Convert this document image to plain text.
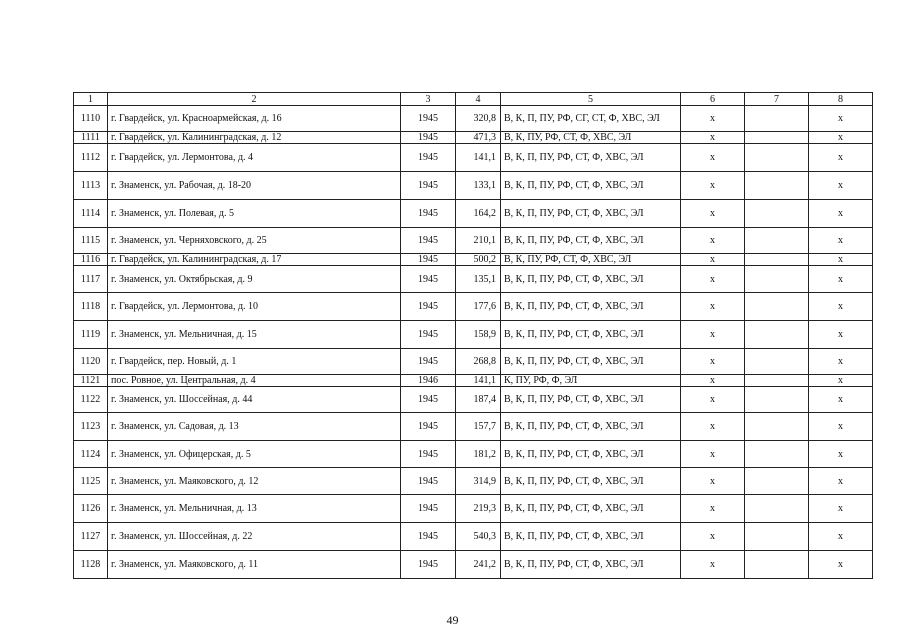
1	2	3	4	5	6	7	8
1110	г. Гвардейск, ул. Красноармейская, д. 16	1945	320,8	В, К, П, ПУ, РФ, СГ, СТ, Ф, ХВС, ЭЛ	х		х
1111	г. Гвардейск, ул. Калининградская, д. 12	1945	471,3	В, К, ПУ, РФ, СТ, Ф, ХВС, ЭЛ	х		х
1112	г. Гвардейск, ул. Лермонтова, д. 4	1945	141,1	В, К, П, ПУ, РФ, СТ, Ф, ХВС, ЭЛ	х		х
1113	г. Знаменск, ул. Рабочая, д. 18-20	1945	133,1	В, К, П, ПУ, РФ, СТ, Ф, ХВС, ЭЛ	х		х
1114	г. Знаменск, ул. Полевая, д. 5	1945	164,2	В, К, П, ПУ, РФ, СТ, Ф, ХВС, ЭЛ	х		х
1115	г. Знаменск, ул. Черняховского, д. 25	1945	210,1	В, К, П, ПУ, РФ, СТ, Ф, ХВС, ЭЛ	х		х
1116	г. Гвардейск, ул. Калининградская, д. 17	1945	500,2	В, К, ПУ, РФ, СТ, Ф, ХВС, ЭЛ	х		х
1117	г. Знаменск, ул. Октябрьская, д. 9	1945	135,1	В, К, П, ПУ, РФ, СТ, Ф, ХВС, ЭЛ	х		х
1118	г. Гвардейск, ул. Лермонтова, д. 10	1945	177,6	В, К, П, ПУ, РФ, СТ, Ф, ХВС, ЭЛ	х		х
1119	г. Знаменск, ул. Мельничная, д. 15	1945	158,9	В, К, П, ПУ, РФ, СТ, Ф, ХВС, ЭЛ	х		х
1120	г. Гвардейск, пер. Новый, д. 1	1945	268,8	В, К, П, ПУ, РФ, СТ, Ф, ХВС, ЭЛ	х		х
1121	пос. Ровное, ул. Центральная, д. 4	1946	141,1	К, ПУ, РФ, Ф, ЭЛ	х		х
1122	г. Знаменск, ул. Шоссейная, д. 44	1945	187,4	В, К, П, ПУ, РФ, СТ, Ф, ХВС, ЭЛ	х		х
1123	г. Знаменск, ул. Садовая, д. 13	1945	157,7	В, К, П, ПУ, РФ, СТ, Ф, ХВС, ЭЛ	х		х
1124	г. Знаменск, ул. Офицерская, д. 5	1945	181,2	В, К, П, ПУ, РФ, СТ, Ф, ХВС, ЭЛ	х		х
1125	г. Знаменск, ул. Маяковского, д. 12	1945	314,9	В, К, П, ПУ, РФ, СТ, Ф, ХВС, ЭЛ	х		х
1126	г. Знаменск, ул. Мельничная, д. 13	1945	219,3	В, К, П, ПУ, РФ, СТ, Ф, ХВС, ЭЛ	х		х
1127	г. Знаменск, ул. Шоссейная, д. 22	1945	540,3	В, К, П, ПУ, РФ, СТ, Ф, ХВС, ЭЛ	х		х
1128	г. Знаменск, ул. Маяковского, д. 11	1945	241,2	В, К, П, ПУ, РФ, СТ, Ф, ХВС, ЭЛ	х		х
49
